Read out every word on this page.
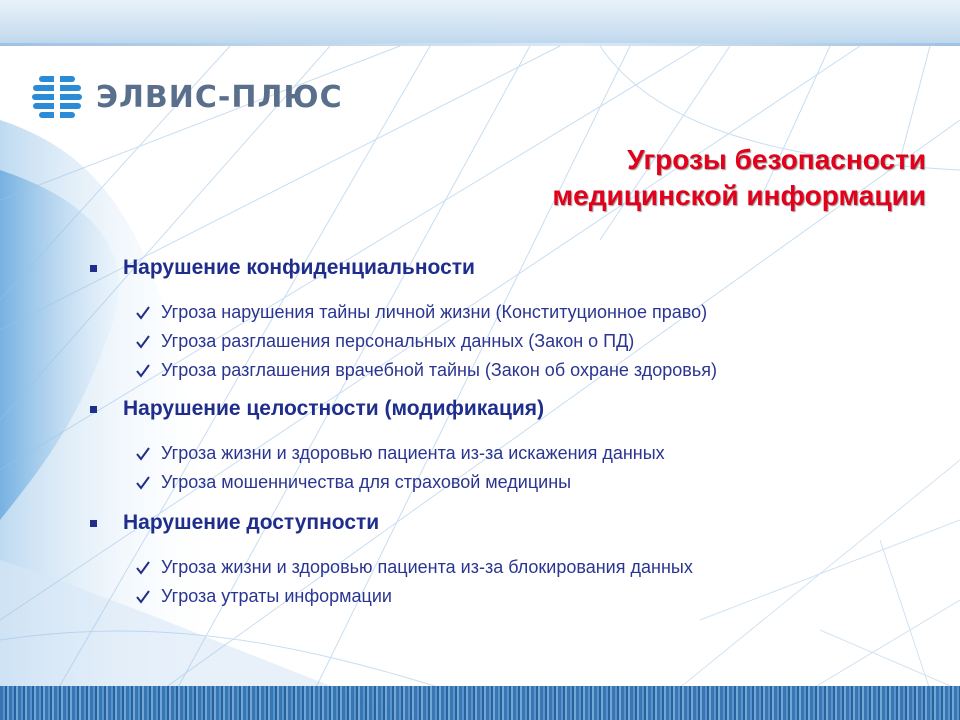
ЭЛВИС-ПЛЮС
Угрозы безопасности
медицинской информации
Нарушение конфиденциальности
Угроза нарушения тайны личной жизни (Конституционное право)
Угроза разглашения персональных данных (Закон о ПД)
Угроза разглашения врачебной тайны (Закон об охране здоровья)
Нарушение целостности (модификация)
Угроза жизни и здоровью пациента из-за искажения данных
Угроза мошенничества для страховой медицины
Нарушение доступности
Угроза жизни и здоровью пациента из-за блокирования данных
Угроза утраты информации
